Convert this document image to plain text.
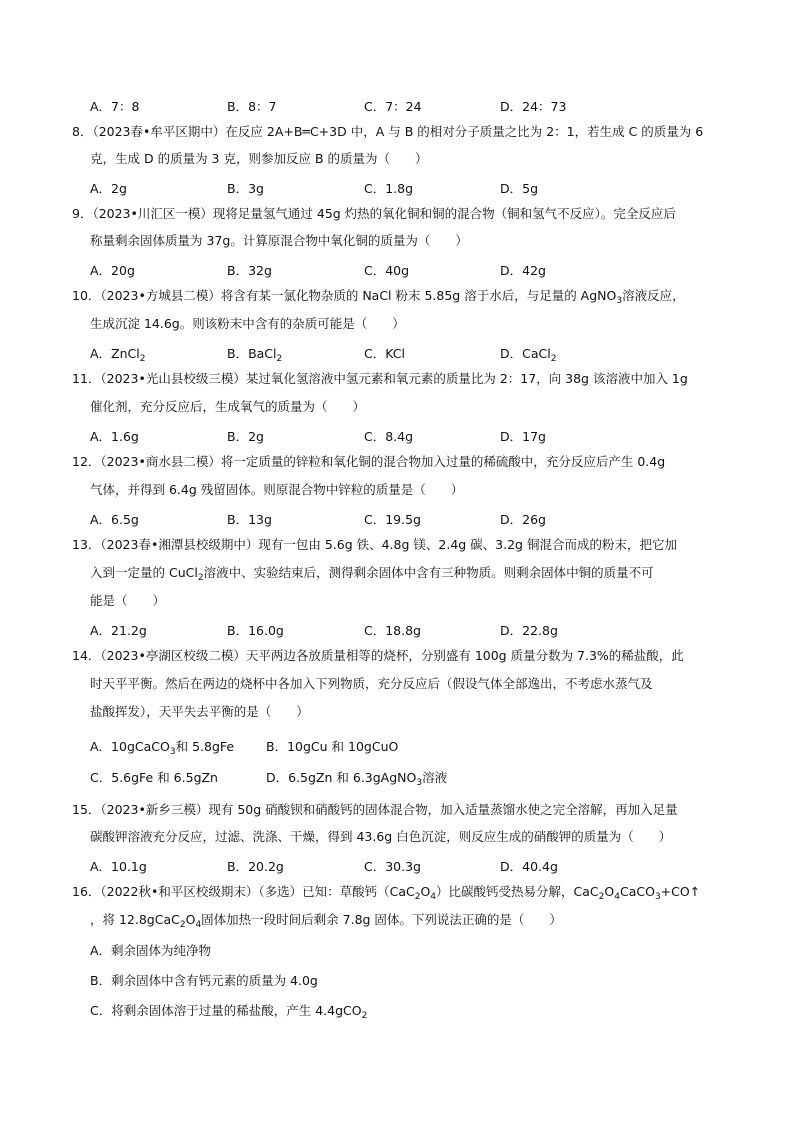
A．7：8	B．8：7	C．7：24	D．24：73
8．（2023春•牟平区期中）在反应 2A+B═C+3D 中，A 与 B 的相对分子质量之比为 2：1，若生成 C 的质量为 6
克，生成 D 的质量为 3 克，则参加反应 B 的质量为（　　）
A．2g	B．3g	C．1.8g	D．5g
9．（2023•川汇区一模）现将足量氢气通过 45g 灼热的氧化铜和铜的混合物（铜和氢气不反应）。完全反应后
称量剩余固体质量为 37g。计算原混合物中氧化铜的质量为（　　）
A．20g	B．32g	C．40g	D．42g
10．（2023•方城县二模）将含有某一氯化物杂质的 NaCl 粉末 5.85g 溶于水后，与足量的 AgNO$_3$溶液反应，
生成沉淀 14.6g。则该粉末中含有的杂质可能是（　　）
A．ZnCl$_2$	B．BaCl$_2$	C．KCl	D．CaCl$_2$
11．（2023•光山县校级三模）某过氧化氢溶液中氢元素和氧元素的质量比为 2：17，向 38g 该溶液中加入 1g
催化剂，充分反应后，生成氧气的质量为（　　）
A．1.6g	B．2g	C．8.4g	D．17g
12．（2023•商水县二模）将一定质量的锌粒和氧化铜的混合物加入过量的稀硫酸中，充分反应后产生 0.4g
气体，并得到 6.4g 残留固体。则原混合物中锌粒的质量是（　　）
A．6.5g	B．13g	C．19.5g	D．26g
13．（2023春•湘潭县校级期中）现有一包由 5.6g 铁、4.8g 镁、2.4g 碳、3.2g 铜混合而成的粉末，把它加
入到一定量的 CuCl$_2$溶液中、实验结束后，测得剩余固体中含有三种物质。则剩余固体中铜的质量不可
能是（　　）
A．21.2g	B．16.0g	C．18.8g	D．22.8g
14．（2023•亭湖区校级二模）天平两边各放质量相等的烧杯，分别盛有 100g 质量分数为 7.3%的稀盐酸，此
时天平平衡。然后在两边的烧杯中各加入下列物质，充分反应后（假设气体全部逸出，不考虑水蒸气及
盐酸挥发），天平失去平衡的是（　　）
A．10gCaCO$_3$和 5.8gFe	B．10gCu 和 10gCuO
C．5.6gFe 和 6.5gZn	D．6.5gZn 和 6.3gAgNO$_3$溶液
15．（2023•新乡三模）现有 50g 硝酸钡和硝酸钙的固体混合物，加入适量蒸馏水使之完全溶解，再加入足量
碳酸钾溶液充分反应，过滤、洗涤、干燥，得到 43.6g 白色沉淀，则反应生成的硝酸钾的质量为（　　）
A．10.1g	B．20.2g	C．30.3g	D．40.4g
16．（2022秋•和平区校级期末）（多选）已知：草酸钙$(CaC_2O_4)$比碳酸钙受热易分解，$CaC_2O_4CaCO_3+CO↑$
，将 $12.8gCaC_2O_4$固体加热一段时间后剩余 7.8g 固体。下列说法正确的是（　　）
A．剩余固体为纯净物
B．剩余固体中含有钙元素的质量为 4.0g
C．将剩余固体溶于过量的稀盐酸，产生 4.4gCO$_2$
